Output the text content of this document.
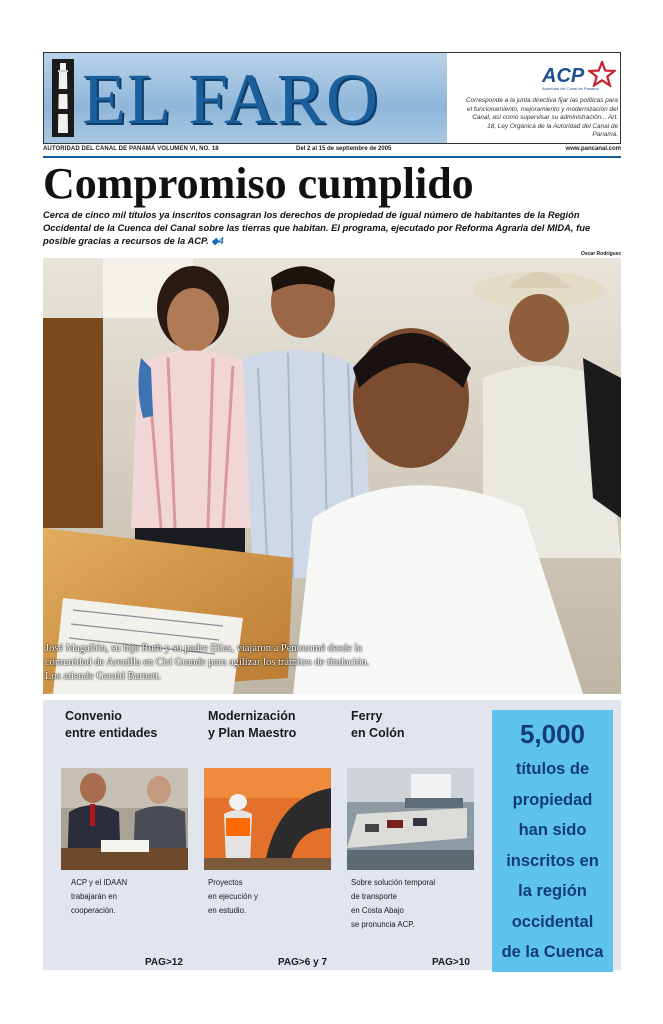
EL FARO	ACP
Autoridad del Canal de Panamá
Corresponde a la junta directiva fijar las políticas para el funcionamiento, mejoramiento y modernización del Canal, así como supervisar su administración... Art. 18, Ley Orgánica de la Autoridad del Canal de Panamá.
AUTORIDAD DEL CANAL DE PANAMÁ VOLUMEN VI, NO. 18	Del 2 al 15 de septiembre de 2005	www.pancanal.com
Compromiso cumplido
Cerca de cinco mil títulos ya inscritos consagran los derechos de propiedad de igual número de habitantes de la Región Occidental de la Cuenca del Canal sobre las tierras que habitan. El programa, ejecutado por Reforma Agraria del MIDA, fue posible gracias a recursos de la ACP. ◆4
Oscar Rodríguez
José Magallón, su hija Ruth y su padre Elías, viajaron a Penonomé desde la
comunidad de Arenilla en Cirí Grande para agilizar los trámites de titulación.
Los atiende Gerald Barnett.
Convenio
entre entidades
ACP y el IDAAN
trabajarán en
cooperación.
PAG>12
Modernización
y Plan Maestro
Proyectos
en ejecución y
en estudio.
PAG>6 y 7
Ferry
en Colón
Sobre solución temporal
de transporte
en Costa Abajo
se pronuncia ACP.
PAG>10
5,000
títulos de
propiedad
han sido
inscritos en
la región
occidental
de la Cuenca
